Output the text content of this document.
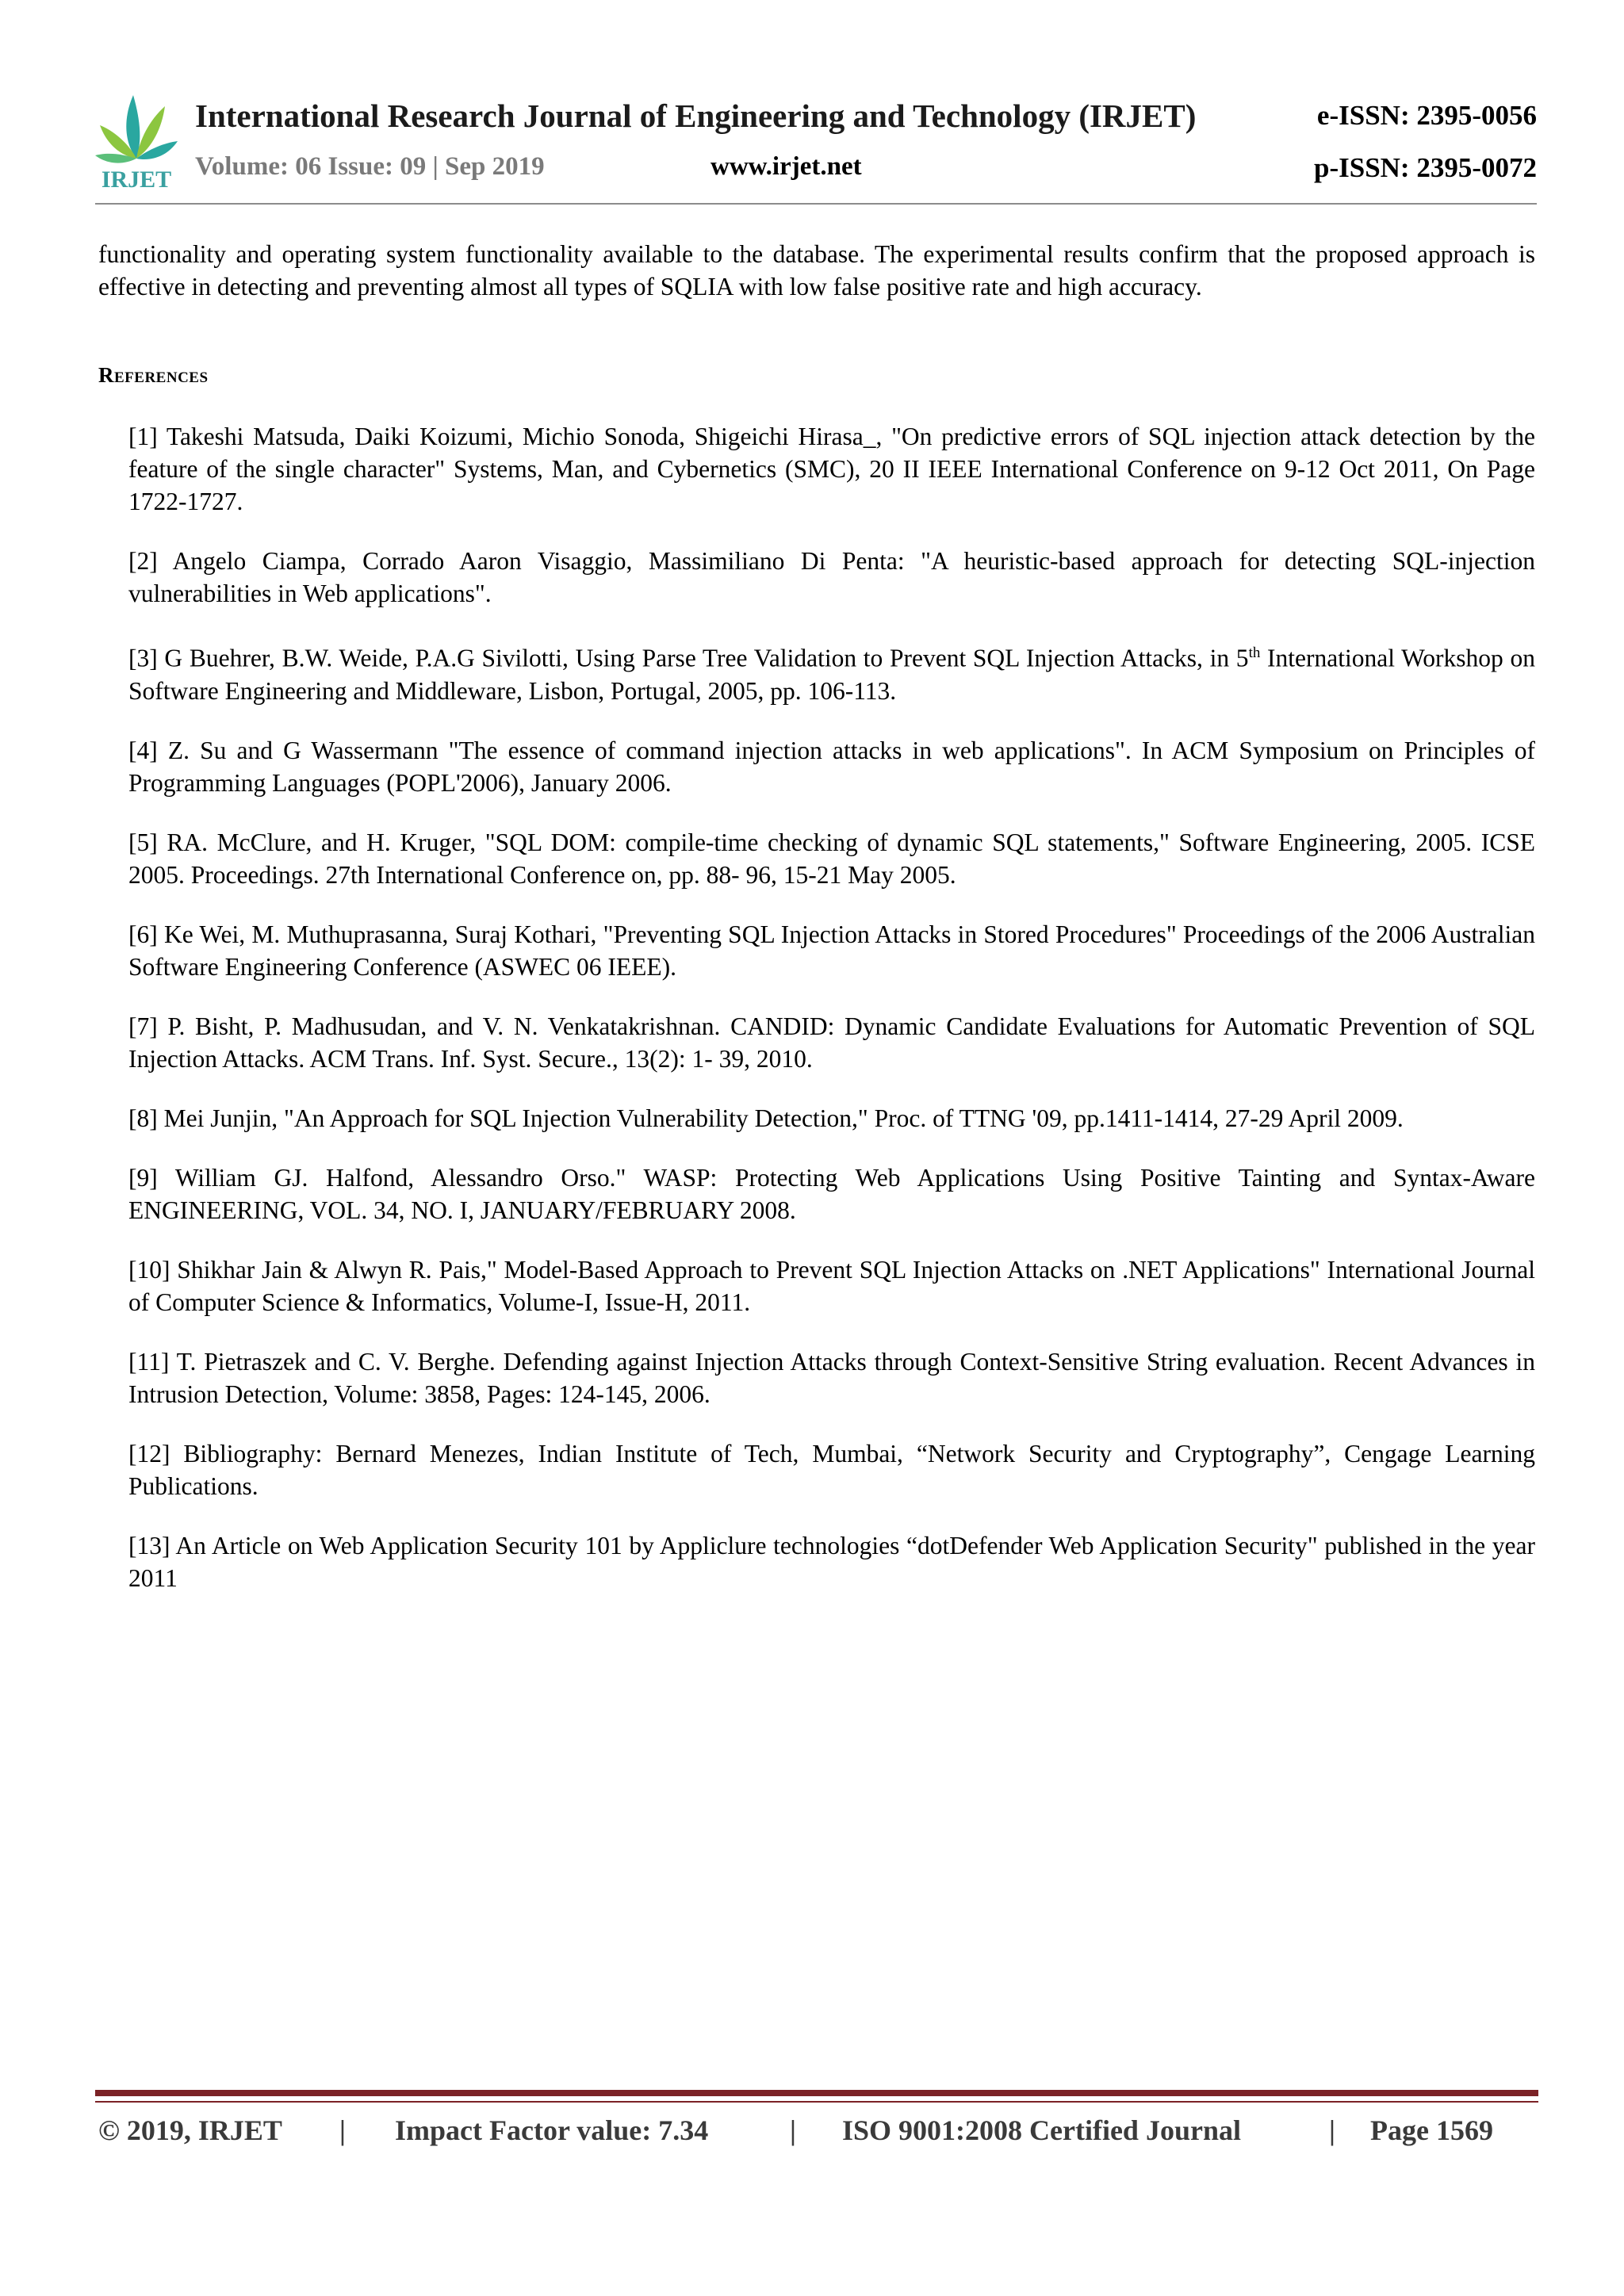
IRJET
International Research Journal of Engineering and Technology (IRJET)	e-ISSN: 2395-0056
Volume: 06 Issue: 09 | Sep 2019	www.irjet.net	p-ISSN: 2395-0072

functionality and operating system functionality available to the database. The experimental results confirm that the proposed approach is effective in detecting and preventing almost all types of SQLIA with low false positive rate and high accuracy.

References
[1] Takeshi Matsuda, Daiki Koizumi, Michio Sonoda, Shigeichi Hirasa_, "On predictive errors of SQL injection attack detection by the feature of the single character" Systems, Man, and Cybernetics (SMC), 20 II IEEE International Conference on 9-12 Oct 2011, On Page 1722-1727.
[2] Angelo Ciampa, Corrado Aaron Visaggio, Massimiliano Di Penta: "A heuristic-based approach for detecting SQL-injection vulnerabilities in Web applications".
[3] G Buehrer, B.W. Weide, P.A.G Sivilotti, Using Parse Tree Validation to Prevent SQL Injection Attacks, in 5th International Workshop on Software Engineering and Middleware, Lisbon, Portugal, 2005, pp. 106-113.
[4] Z. Su and G Wassermann "The essence of command injection attacks in web applications". In ACM Symposium on Principles of Programming Languages (POPL'2006), January 2006.
[5] RA. McClure, and H. Kruger, "SQL DOM: compile-time checking of dynamic SQL statements," Software Engineering, 2005. ICSE 2005. Proceedings. 27th International Conference on, pp. 88- 96, 15-21 May 2005.
[6] Ke Wei, M. Muthuprasanna, Suraj Kothari, "Preventing SQL Injection Attacks in Stored Procedures" Proceedings of the 2006 Australian Software Engineering Conference (ASWEC 06 IEEE).
[7] P. Bisht, P. Madhusudan, and V. N. Venkatakrishnan. CANDID: Dynamic Candidate Evaluations for Automatic Prevention of SQL Injection Attacks. ACM Trans. Inf. Syst. Secure., 13(2): 1- 39, 2010.
[8] Mei Junjin, "An Approach for SQL Injection Vulnerability Detection," Proc. of TTNG '09, pp.1411-1414, 27-29 April 2009.
[9] William GJ. Halfond, Alessandro Orso." WASP: Protecting Web Applications Using Positive Tainting and Syntax-Aware ENGINEERING, VOL. 34, NO. I, JANUARY/FEBRUARY 2008.
[10] Shikhar Jain & Alwyn R. Pais," Model-Based Approach to Prevent SQL Injection Attacks on .NET Applications" International Journal of Computer Science & Informatics, Volume-I, Issue-H, 2011.
[11] T. Pietraszek and C. V. Berghe. Defending against Injection Attacks through Context-Sensitive String evaluation. Recent Advances in Intrusion Detection, Volume: 3858, Pages: 124-145, 2006.
[12] Bibliography: Bernard Menezes, Indian Institute of Tech, Mumbai, “Network Security and Cryptography”, Cengage Learning Publications.
[13] An Article on Web Application Security 101 by Appliclure technologies “dotDefender Web Application Security" published in the year 2011
© 2019, IRJET | Impact Factor value: 7.34	| ISO 9001:2008 Certified Journal	| Page 1569
